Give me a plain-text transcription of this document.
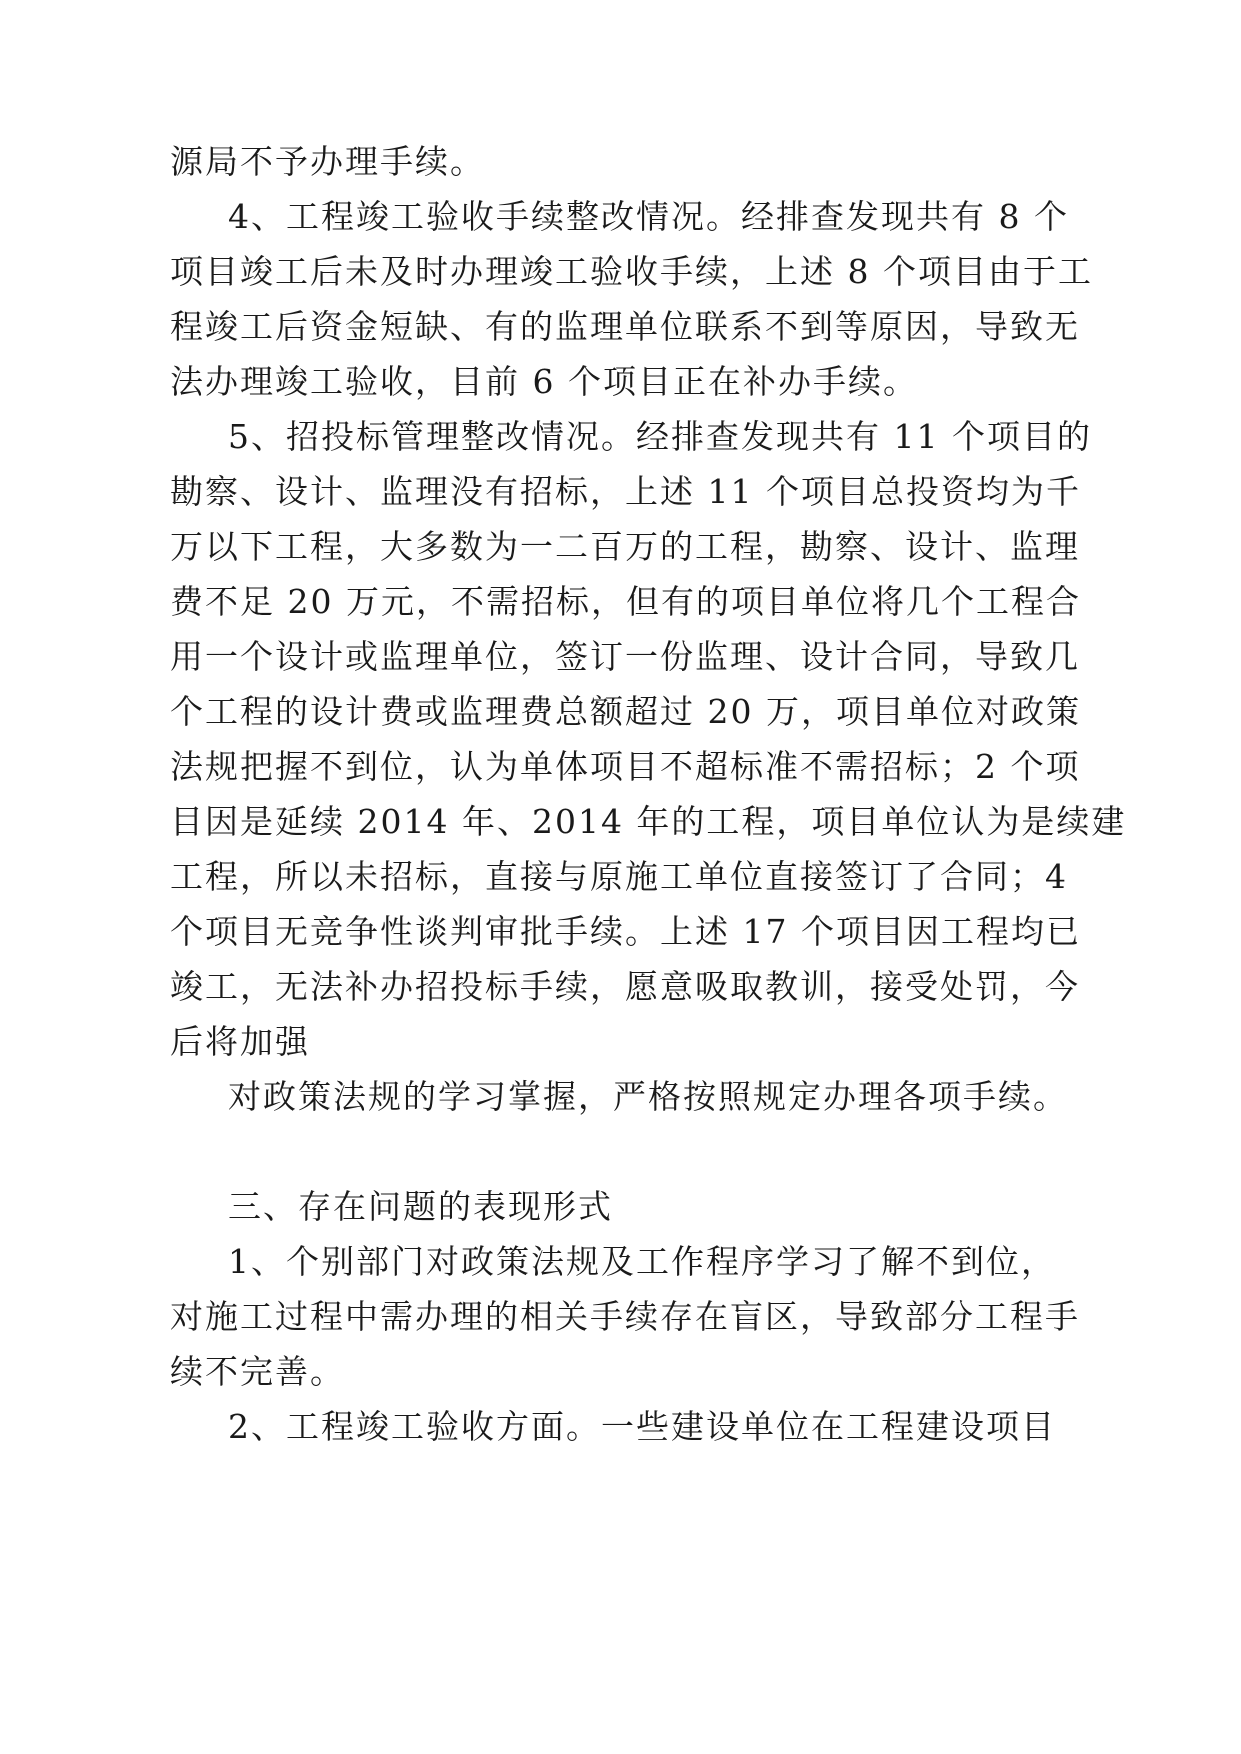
源局不予办理手续。
4、工程竣工验收手续整改情况。经排查发现共有 8 个
项目竣工后未及时办理竣工验收手续，上述 8 个项目由于工
程竣工后资金短缺、有的监理单位联系不到等原因，导致无
法办理竣工验收，目前 6 个项目正在补办手续。
5、招投标管理整改情况。经排查发现共有 11 个项目的
勘察、设计、监理没有招标，上述 11 个项目总投资均为千
万以下工程，大多数为一二百万的工程，勘察、设计、监理
费不足 20 万元，不需招标，但有的项目单位将几个工程合
用一个设计或监理单位，签订一份监理、设计合同，导致几
个工程的设计费或监理费总额超过 20 万，项目单位对政策
法规把握不到位，认为单体项目不超标准不需招标；2 个项
目因是延续 2014 年、2014 年的工程，项目单位认为是续建
工程，所以未招标，直接与原施工单位直接签订了合同；4
个项目无竞争性谈判审批手续。上述 17 个项目因工程均已
竣工，无法补办招投标手续，愿意吸取教训，接受处罚，今
后将加强
对政策法规的学习掌握，严格按照规定办理各项手续。
三、存在问题的表现形式
1、个别部门对政策法规及工作程序学习了解不到位，
对施工过程中需办理的相关手续存在盲区，导致部分工程手
续不完善。
2、工程竣工验收方面。一些建设单位在工程建设项目
